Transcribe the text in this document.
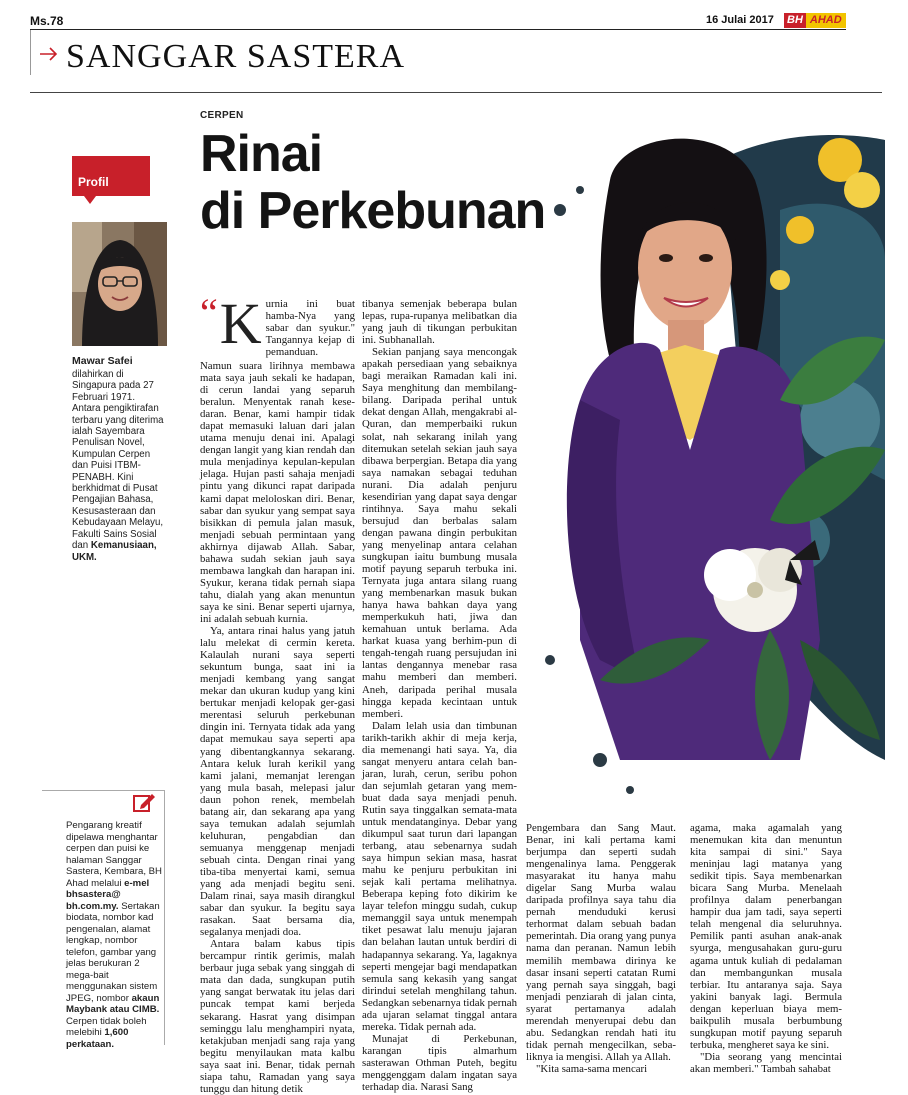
Ms.78	16 Julai 2017 BH AHAD
SANGGAR SASTERA
Profil
Mawar Safei
dilahirkan di Singapura pada 27 Februari 1971. Antara pengiktirafan terbaru yang diterima ialah Sayembara Penulisan Novel, Kumpulan Cerpen dan Puisi ITBM-PENABH. Kini berkhidmat di Pusat Pengajian Bahasa, Kesusasteraan dan Kebudayaan Melayu, Fakulti Sains Sosial dan Kemanusiaan, UKM.
Pengarang kreatif dipelawa menghantar cerpen dan puisi ke halaman Sanggar Sastera, Kembara, BH Ahad melalui e-mel bhsastera@ bh.com.my. Sertakan biodata, nombor kad pengenalan, alamat lengkap, nombor telefon, gambar yang jelas berukuran 2 mega-bait menggunakan sistem JPEG, nombor akaun Maybank atau CIMB. Cerpen tidak boleh melebihi 1,600 perkataan.
CERPEN
Rinai
di Perkebunan

“ K urnia ini buat hamba-Nya yang sabar dan syukur." Tangannya kejap di pemanduan.

Namun suara lirihnya membawa mata saya jauh sekali ke hadapan, di cerun landai yang separuh beralun. Menyentak ranah kese-daran. Benar, kami hampir tidak dapat memasuki laluan dari jalan utama menuju denai ini. Apalagi dengan langit yang kian rendah dan mula menjadinya kepulan-kepulan jelaga. Hujan pasti sahaja menjadi pintu yang dikunci rapat daripada kami dapat meloloskan diri. Benar, sabar dan syukur yang sempat saya bisikkan di pemula jalan masuk, menjadi sebuah permintaan yang akhirnya dijawab Allah. Sabar, bahawa sudah sekian jauh saya membawa langkah dan harapan ini. Syukur, kerana tidak pernah siapa tahu, dialah yang akan menuntun saya ke sini. Benar seperti ujarnya, ini adalah sebuah kurnia.

Ya, antara rinai halus yang jatuh lalu melekat di cermin kereta. Kalaulah nurani saya seperti sekuntum bunga, saat ini ia menjadi kembang yang sangat mekar dan ukuran kudup yang kini bertukar menjadi kelopak ger-gasi merentasi seluruh perkebunan dingin ini. Ternyata tidak ada yang dapat memukau saya seperti apa yang dibentangkannya sekarang. Antara keluk lurah kerikil yang kami jalani, memanjat lerengan yang mula basah, melepasi jalur daun pohon renek, membelah batang air, dan sekarang apa yang saya temukan adalah sejumlah keluhuran, pengabdian dan semuanya menggenap menjadi sebuah cinta. Dengan rinai yang tiba-tiba menyertai kami, semua yang ada menjadi begitu seni. Dalam rinai, saya masih dirangkul sabar dan syukur. Ia begitu saya rasakan. Saat bersama dia, segalanya menjadi doa.

Antara balam kabus tipis bercampur rintik gerimis, malah berbaur juga sebak yang singgah di mata dan dada, sungkupan putih yang sangat berwatak itu jelas dari puncak tempat kami berjeda sekarang. Hasrat yang disimpan seminggu lalu menghampiri nyata, ketakjuban menjadi sang raja yang begitu menyilaukan mata kalbu saya saat ini. Benar, tidak pernah siapa tahu, Ramadan yang saya tunggu dan hitung detik

tibanya semenjak beberapa bulan lepas, rupa-rupanya melibatkan dia yang jauh di tikungan perbukitan ini. Subhanallah.

Sekian panjang saya mencongak apakah persediaan yang sebaiknya bagi meraikan Ramadan kali ini. Saya menghitung dan membilang-bilang. Daripada perihal untuk dekat dengan Allah, mengakrabi al-Quran, dan memperbaiki rukun solat, nah sekarang inilah yang ditemukan setelah sekian jauh saya dibawa berpergian. Betapa dia yang saya namakan sebagai teduhan nurani. Dia adalah penjuru kesendirian yang dapat saya dengar rintihnya. Saya mahu sekali bersujud dan berbalas salam dengan pawana dingin perbukitan yang menyelinap antara celahan sungkupan iaitu bumbung musala motif payung separuh terbuka ini. Ternyata juga antara silang ruang yang membenarkan masuk bukan hanya hawa bahkan daya yang memperkukuh hati, jiwa dan kemahuan untuk berlama. Ada harkat kuasa yang berhim-pun di tengah-tengah ruang persujudan ini lantas dengannya menebar rasa mahu memberi dan memberi. Aneh, daripada perihal musala hingga kepada kecintaan untuk memberi.

Dalam lelah usia dan timbunan tarikh-tarikh akhir di meja kerja, dia memenangi hati saya. Ya, dia sangat menyeru antara celah ban-jaran, lurah, cerun, seribu pohon dan sejumlah getaran yang mem-buat dada saya menjadi penuh. Rutin saya tinggalkan semata-mata untuk mendatanginya. Debar yang dikumpul saat turun dari lapangan terbang, atau sebenarnya sudah saya himpun sekian masa, hasrat mahu ke penjuru perbukitan ini sejak kali pertama melihatnya. Beberapa keping foto dikirim ke layar telefon minggu sudah, cukup memanggil saya untuk menempah tiket pesawat lalu menuju jajaran dan belahan lautan untuk berdiri di hadapannya sekarang. Ya, lagaknya seperti mengejar bagi mendapatkan semula sang kekasih yang sangat dirindui setelah menghilang tahun. Sedangkan sebenarnya tidak pernah ada ujaran selamat tinggal antara mereka. Tidak pernah ada.

Munajat di Perkebunan, karangan tipis almarhum sasterawan Othman Puteh, begitu menggenggam dalam ingatan saya terhadap dia. Narasi Sang

Pengembara dan Sang Maut. Benar, ini kali pertama kami berjumpa dan seperti sudah mengenalinya lama. Penggerak masyarakat itu hanya mahu digelar Sang Murba walau daripada profilnya saya tahu dia pernah menduduki kerusi terhormat dalam sebuah badan pemerintah. Dia orang yang punya nama dan peranan. Namun lebih memilih membawa dirinya ke dasar insani seperti catatan Rumi yang pernah saya singgah, bagi menjadi penziarah di jalan cinta, syarat pertamanya adalah merendah menyerupai debu dan abu. Sedangkan rendah hati itu tidak pernah mengecilkan, seba-liknya ia mengisi. Allah ya Allah.

"Kita sama-sama mencari

agama, maka agamalah yang menemukan kita dan menuntun kita sampai di sini." Saya meninjau lagi matanya yang sedikit tipis. Saya membenarkan bicara Sang Murba. Menelaah profilnya dalam penerbangan hampir dua jam tadi, saya seperti telah mengenal dia seluruhnya. Pemilik panti asuhan anak-anak syurga, mengusahakan guru-guru agama untuk kuliah di pedalaman dan membangunkan musala terbiar. Itu antaranya saja. Saya yakini banyak lagi. Bermula dengan keperluan biaya mem-baikpulih musala berbumbung sungkupan motif payung separuh terbuka, mengheret saya ke sini.

"Dia seorang yang mencintai akan memberi." Tambah sahabat
